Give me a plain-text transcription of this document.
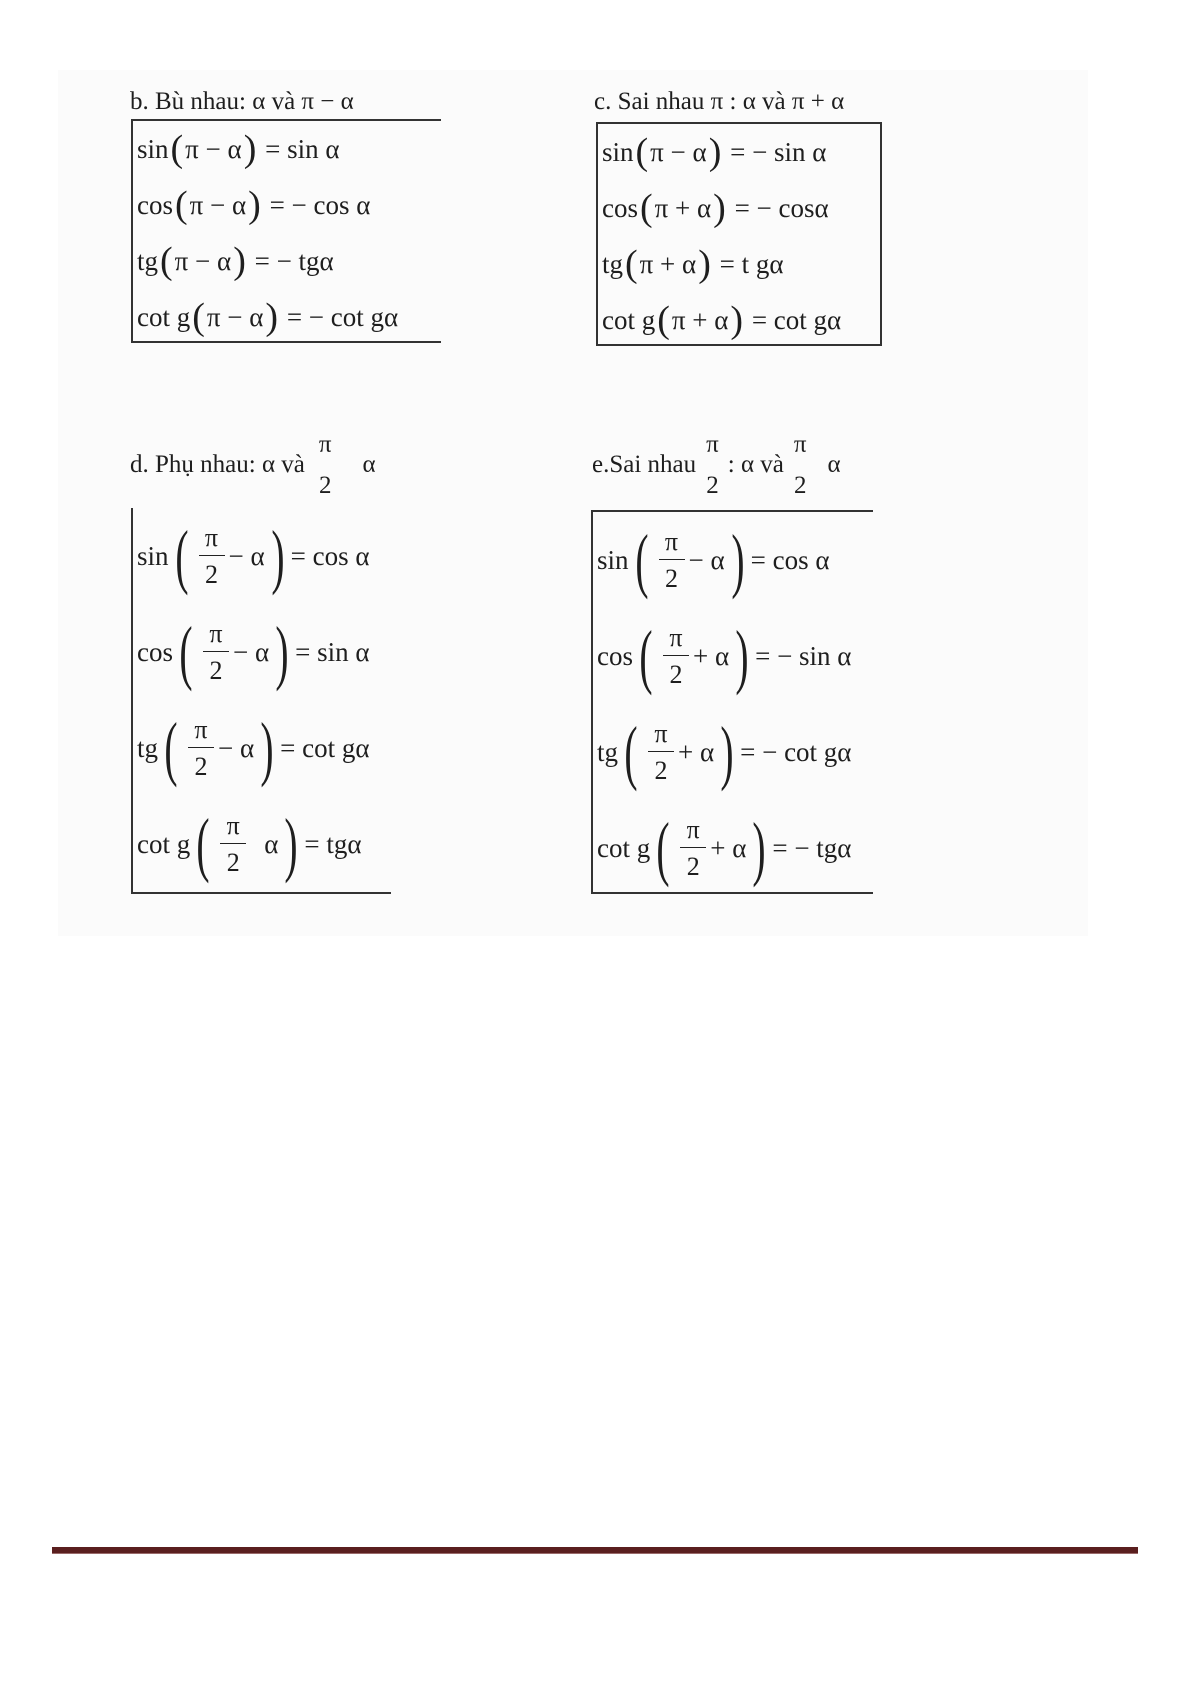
b. Bù nhau: α và π − α
sin ( π − α )
= sin α
cos ( π − α )
= − cos α
tg ( π − α )
= − tgα
cot g ( π − α )
= − cot gα
c. Sai nhau π : α và π + α
sin ( π − α )
= − sin α
cos ( π + α )
= − cosα
tg ( π + α )
= t gα
cot g ( π + α )
= cot gα
d. Phụ nhau: α và
π
2
α
sin ( π
2
− α ) = cos α
cos ( π
2
− α ) = sin α
tg ( π
2
− α ) = cot gα
cot g ( π
2
α ) = tgα
e.Sai nhau
π
2
: α và
π
2
α
sin ( π
2
− α ) = cos α
cos ( π
2
+ α ) = − sin α
tg ( π
2
+ α ) = − cot gα
cot g ( π
2
+ α ) = − tgα
